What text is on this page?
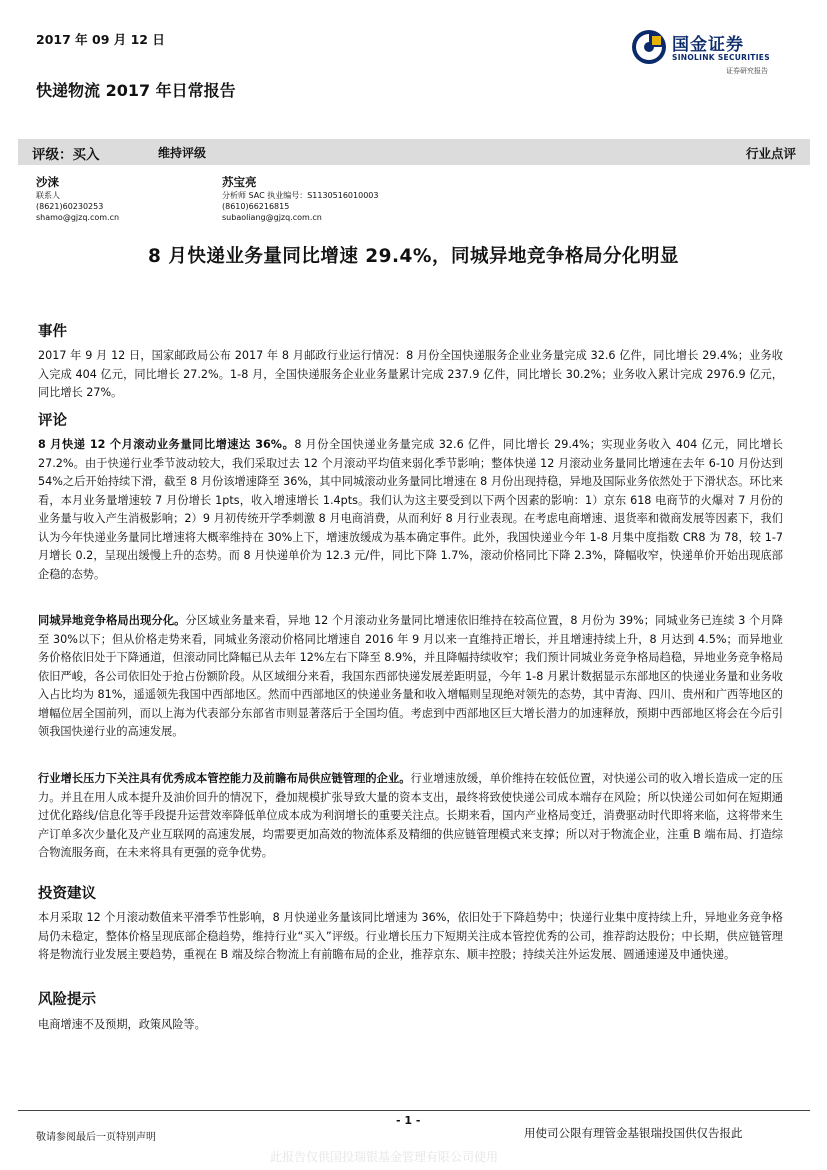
2017 年 09 月 12 日
快递物流 2017 年日常报告
国金证券
SINOLINK SECURITIES
证券研究报告
评级：买入	维持评级	行业点评
沙涞
联系人
(8621)60230253
shamo@gjzq.com.cn
苏宝亮
分析师 SAC 执业编号：S1130516010003
(8610)66216815
subaoliang@gjzq.com.cn
8 月快递业务量同比增速 29.4%，同城异地竞争格局分化明显
事件
2017 年 9 月 12 日，国家邮政局公布 2017 年 8 月邮政行业运行情况：8 月份全国快递服务企业业务量完成 32.6 亿件，同比增长 29.4%；业务收入完成 404 亿元，同比增长 27.2%。1-8 月，全国快递服务企业业务量累计完成 237.9 亿件，同比增长 30.2%；业务收入累计完成 2976.9 亿元，同比增长 27%。
评论
8 月快递 12 个月滚动业务量同比增速达 36%。8 月份全国快递业务量完成 32.6 亿件，同比增长 29.4%；实现业务收入 404 亿元，同比增长 27.2%。由于快递行业季节波动较大，我们采取过去 12 个月滚动平均值来弱化季节影响；整体快递 12 月滚动业务量同比增速在去年 6-10 月份达到 54%之后开始持续下滑，截至 8 月份该增速降至 36%，其中同城滚动业务量同比增速在 8 月份出现持稳，异地及国际业务依然处于下滑状态。环比来看，本月业务量增速较 7 月份增长 1pts，收入增速增长 1.4pts。我们认为这主要受到以下两个因素的影响：1）京东 618 电商节的火爆对 7 月份的业务量与收入产生消极影响；2）9 月初传统开学季刺激 8 月电商消费，从而利好 8 月行业表现。在考虑电商增速、退货率和微商发展等因素下，我们认为今年快递业务量同比增速将大概率维持在 30%上下，增速放缓成为基本确定事件。此外，我国快递业今年 1-8 月集中度指数 CR8 为 78，较 1-7 月增长 0.2，呈现出缓慢上升的态势。而 8 月快递单价为 12.3 元/件，同比下降 1.7%，滚动价格同比下降 2.3%，降幅收窄，快递单价开始出现底部企稳的态势。
同城异地竞争格局出现分化。分区域业务量来看，异地 12 个月滚动业务量同比增速依旧维持在较高位置，8 月份为 39%；同城业务已连续 3 个月降至 30%以下；但从价格走势来看，同城业务滚动价格同比增速自 2016 年 9 月以来一直维持正增长，并且增速持续上升，8 月达到 4.5%；而异地业务价格依旧处于下降通道，但滚动同比降幅已从去年 12%左右下降至 8.9%，并且降幅持续收窄；我们预计同城业务竞争格局趋稳，异地业务竞争格局依旧严峻，各公司依旧处于抢占份额阶段。从区域细分来看，我国东西部快递发展差距明显，今年 1-8 月累计数据显示东部地区的快递业务量和业务收入占比均为 81%，遥遥领先我国中西部地区。然而中西部地区的快递业务量和收入增幅则呈现绝对领先的态势，其中青海、四川、贵州和广西等地区的增幅位居全国前列，而以上海为代表部分东部省市则显著落后于全国均值。考虑到中西部地区巨大增长潜力的加速释放，预期中西部地区将会在今后引领我国快递行业的高速发展。
行业增长压力下关注具有优秀成本管控能力及前瞻布局供应链管理的企业。行业增速放缓，单价维持在较低位置，对快递公司的收入增长造成一定的压力。并且在用人成本提升及油价回升的情况下，叠加规模扩张导致大量的资本支出，最终将致使快递公司成本端存在风险；所以快递公司如何在短期通过优化路线/信息化等手段提升运营效率降低单位成本成为利润增长的重要关注点。长期来看，国内产业格局变迁，消费驱动时代即将来临，这将带来生产订单多次少量化及产业互联网的高速发展，均需要更加高效的物流体系及精细的供应链管理模式来支撑；所以对于物流企业，注重 B 端布局、打造综合物流服务商，在未来将具有更强的竞争优势。
投资建议
本月采取 12 个月滚动数值来平滑季节性影响，8 月快递业务量该同比增速为 36%，依旧处于下降趋势中；快递行业集中度持续上升，异地业务竞争格局仍未稳定，整体价格呈现底部企稳趋势，维持行业“买入”评级。行业增长压力下短期关注成本管控优秀的公司，推荐韵达股份；中长期，供应链管理将是物流行业发展主要趋势，重视在 B 端及综合物流上有前瞻布局的企业，推荐京东、顺丰控股；持续关注外运发展、圆通速递及申通快递。
风险提示
电商增速不及预期，政策风险等。
- 1 -
敬请参阅最后一页特别声明	用使司公限有理管金基银瑞投国供仅告报此
此报告仅供国投瑞银基金管理有限公司使用
